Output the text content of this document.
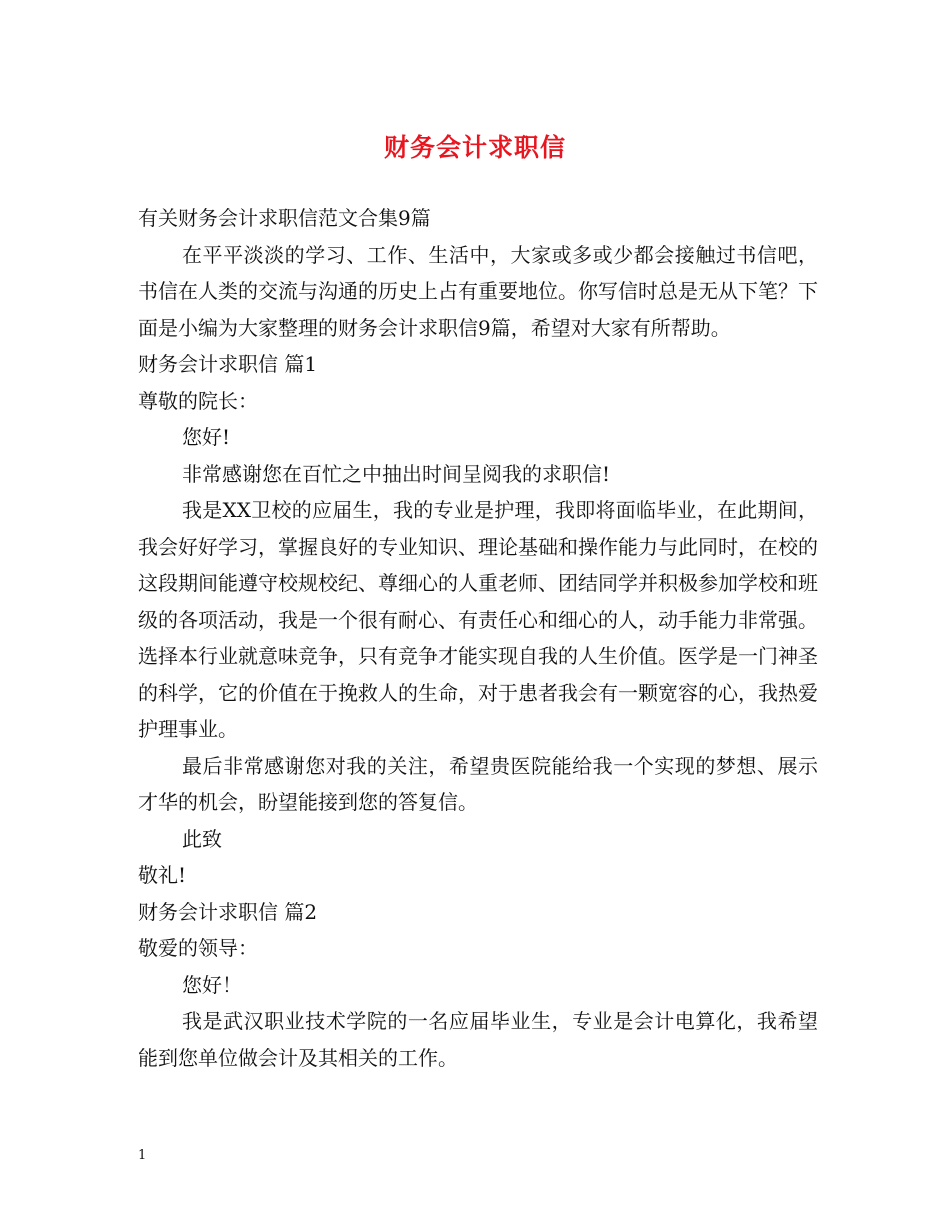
财务会计求职信

有关财务会计求职信范文合集9篇

在平平淡淡的学习、工作、生活中，大家或多或少都会接触过书信吧，书信在人类的交流与沟通的历史上占有重要地位。你写信时总是无从下笔？下面是小编为大家整理的财务会计求职信9篇，希望对大家有所帮助。

财务会计求职信 篇1

尊敬的院长：

您好!

非常感谢您在百忙之中抽出时间呈阅我的求职信!

我是XX卫校的应届生，我的专业是护理，我即将面临毕业，在此期间，我会好好学习，掌握良好的专业知识、理论基础和操作能力与此同时，在校的这段期间能遵守校规校纪、尊细心的人重老师、团结同学并积极参加学校和班级的各项活动，我是一个很有耐心、有责任心和细心的人，动手能力非常强。选择本行业就意味竞争，只有竞争才能实现自我的人生价值。医学是一门神圣的科学，它的价值在于挽救人的生命，对于患者我会有一颗宽容的心，我热爱护理事业。

最后非常感谢您对我的关注，希望贵医院能给我一个实现的梦想、展示才华的机会，盼望能接到您的答复信。

此致

敬礼!

财务会计求职信 篇2

敬爱的领导：

您好！

我是武汉职业技术学院的一名应届毕业生，专业是会计电算化，我希望能到您单位做会计及其相关的工作。

1
